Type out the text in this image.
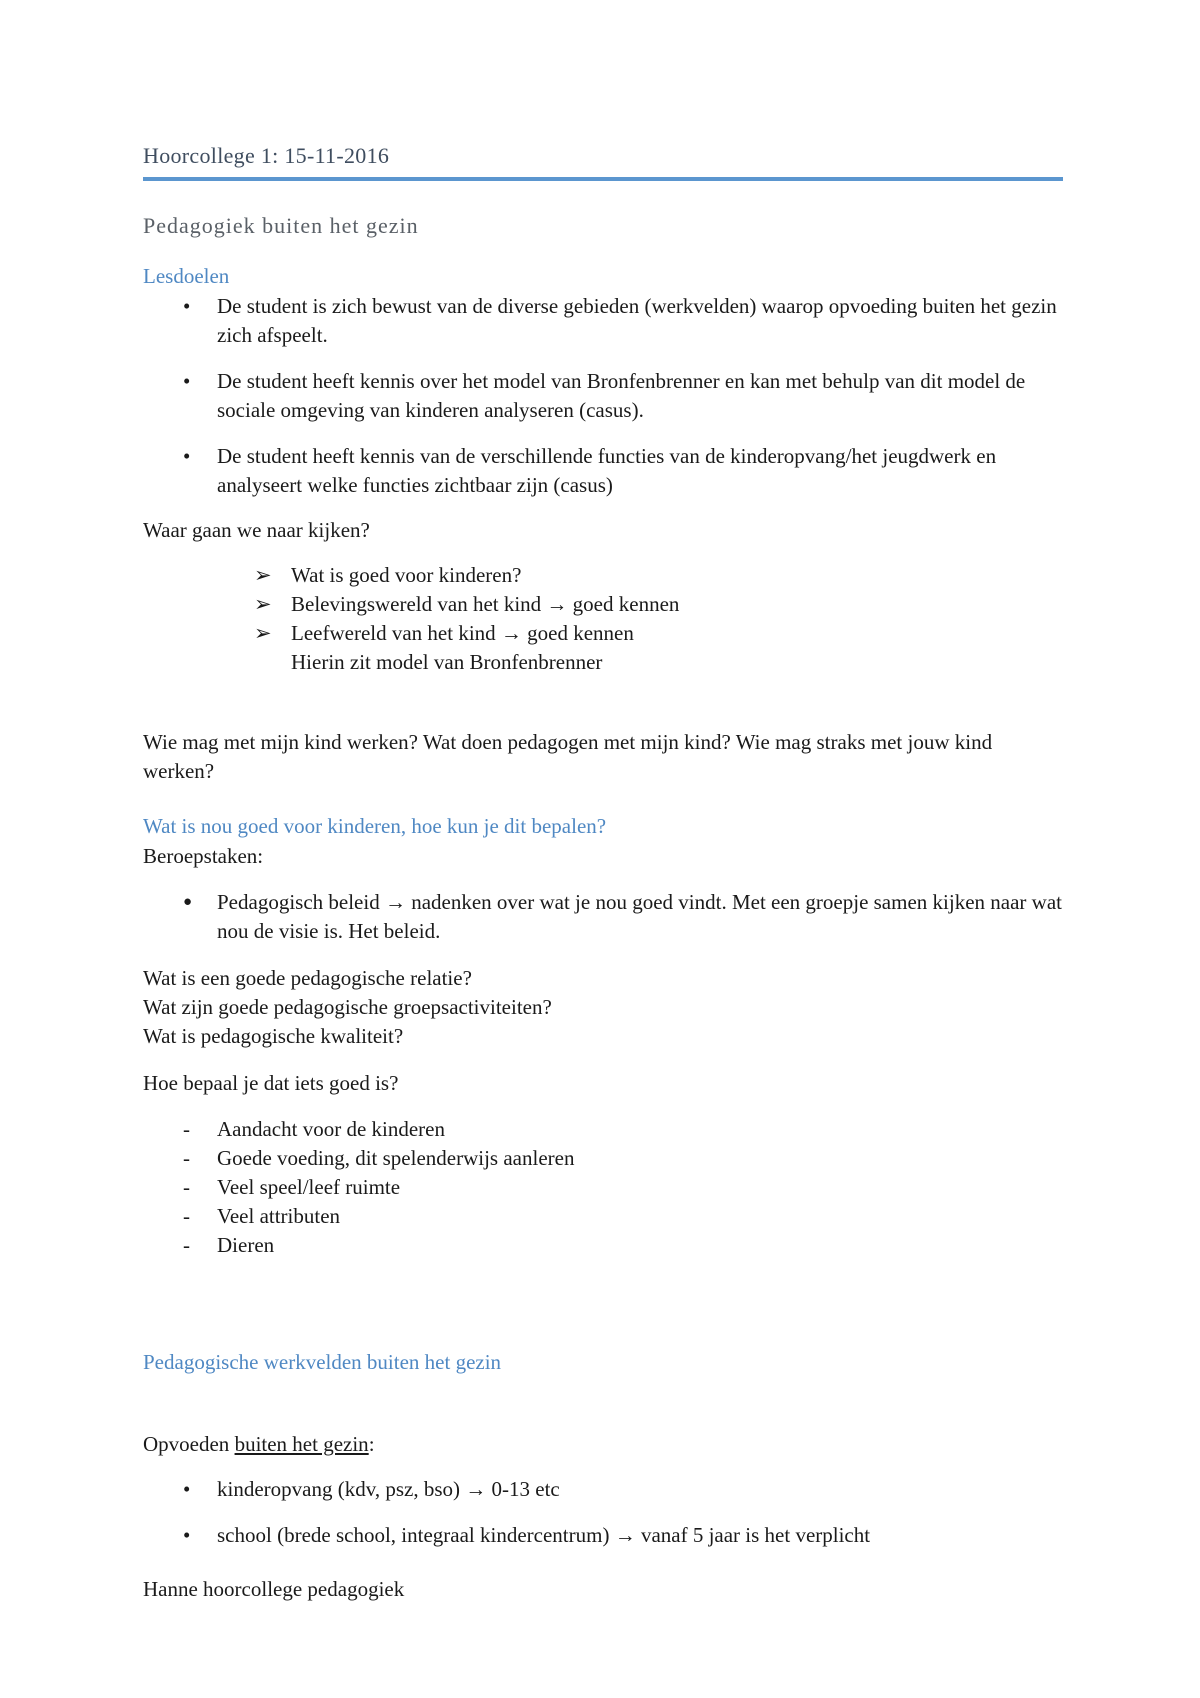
Hoorcollege 1: 15-11-2016
Pedagogiek buiten het gezin
Lesdoelen
•	De student is zich bewust van de diverse gebieden (werkvelden) waarop opvoeding buiten het gezin zich afspeelt.
•	De student heeft kennis over het model van Bronfenbrenner en kan met behulp van dit model de sociale omgeving van kinderen analyseren (casus).
•	De student heeft kennis van de verschillende functies van de kinderopvang/het jeugdwerk en analyseert welke functies zichtbaar zijn (casus)
Waar gaan we naar kijken?
➢ Wat is goed voor kinderen?
➢ Belevingswereld van het kind → goed kennen
➢ Leefwereld van het kind → goed kennen
Hierin zit model van Bronfenbrenner
Wie mag met mijn kind werken? Wat doen pedagogen met mijn kind? Wie mag straks met jouw kind werken?
Wat is nou goed voor kinderen, hoe kun je dit bepalen?
Beroepstaken:
●	Pedagogisch beleid → nadenken over wat je nou goed vindt. Met een groepje samen kijken naar wat nou de visie is. Het beleid.
Wat is een goede pedagogische relatie?
Wat zijn goede pedagogische groepsactiviteiten?
Wat is pedagogische kwaliteit?
Hoe bepaal je dat iets goed is?
-	Aandacht voor de kinderen
-	Goede voeding, dit spelenderwijs aanleren
-	Veel speel/leef ruimte
-	Veel attributen
-	Dieren
Pedagogische werkvelden buiten het gezin
Opvoeden buiten het gezin:
•	kinderopvang (kdv, psz, bso) → 0-13 etc
•	school (brede school, integraal kindercentrum) → vanaf 5 jaar is het verplicht
Hanne hoorcollege pedagogiek
